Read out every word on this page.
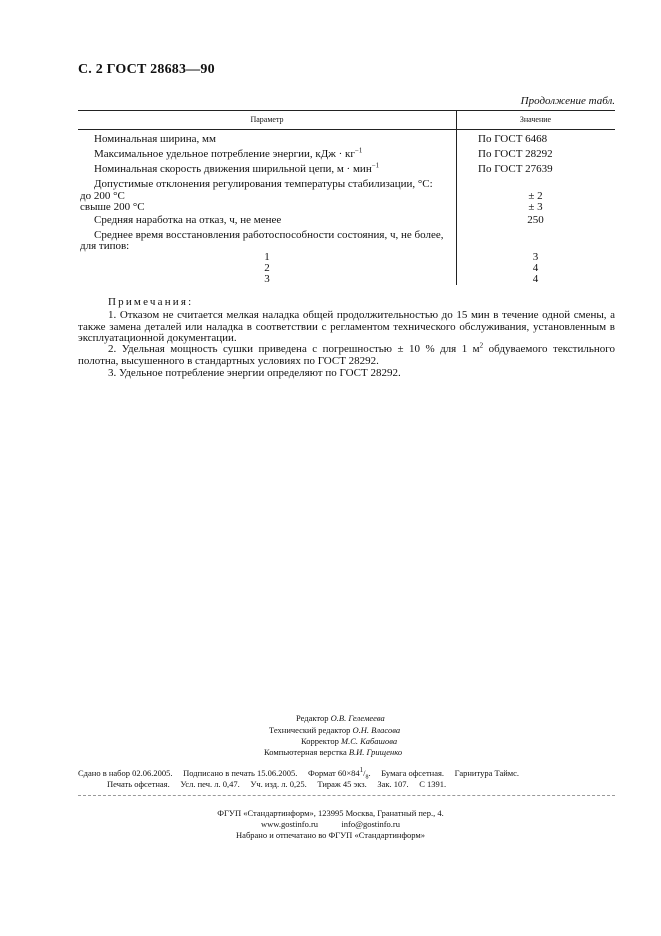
С. 2 ГОСТ 28683—90
Продолжение табл.
Параметр	Значение
Номинальная ширина, мм	По ГОСТ 6468
Максимальное удельное потребление энергии, кДж · $кг^{-1}$	По ГОСТ 28292
Номинальная скорость движения ширильной цепи, м · мин$^{-1}$	По ГОСТ 27639
Допустимые отклонения регулирования температуры стабилизации, °С:
до 200 °С	± 2
свыше 200 °С	± 3
Средняя наработка на отказ, ч, не менее	250
Среднее время восстановления работоспособности состояния, ч, не более,
для типов:
1	3
2	4
3	4
Примечания:

1. Отказом не считается мелкая наладка общей продолжительностью до 15 мин в течение одной смены, а также замена деталей или наладка в соответствии с регламентом технического обслуживания, установленным в эксплуатационной документации.

2. Удельная мощность сушки приведена с погрешностью ± 10 % для 1 $м^2$ обдуваемого текстильного полотна, высушенного в стандартных условиях по ГОСТ 28292.

3. Удельное потребление энергии определяют по ГОСТ 28292.

Редактор О.В. Гелемеева
Технический редактор О.Н. Власова
Корректор М.С. Кабашова
Компьютерная верстка В.И. Грищенко
Сдано в набор 02.06.2005. Подписано в печать 15.06.2005. Формат $60\times 84^1/_8$. Бумага офсетная. Гарнитура Таймс.
Печать офсетная. Усл. печ. л. 0,47. Уч. изд. л. 0,25. Тираж 45 экз. Зак. 107. С 1391.
ФГУП «Стандартинформ», 123995 Москва, Гранатный пер., 4.
www.gostinfo.ru	info@gostinfo.ru
Набрано и отпечатано во ФГУП «Стандартинформ»
